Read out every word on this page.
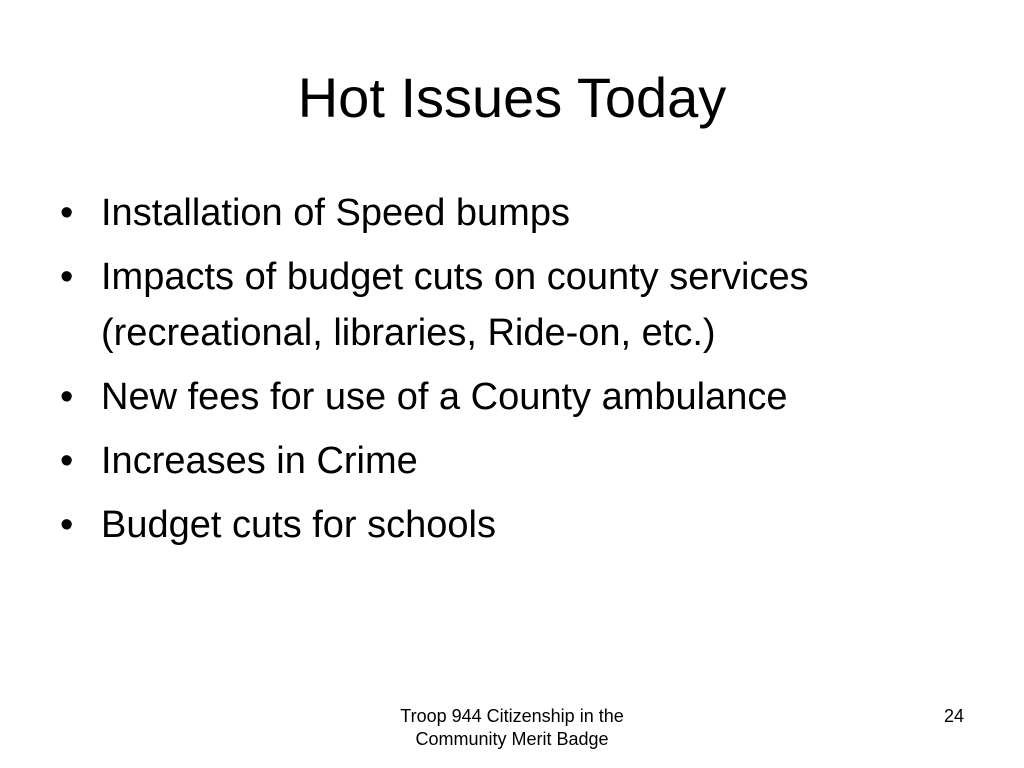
Hot Issues Today
• Installation of Speed bumps
• Impacts of budget cuts on county services
(recreational, libraries, Ride-on, etc.)
• New fees for use of a County ambulance
• Increases in Crime
• Budget cuts for schools
Troop 944 Citizenship in the
Community Merit Badge
24
